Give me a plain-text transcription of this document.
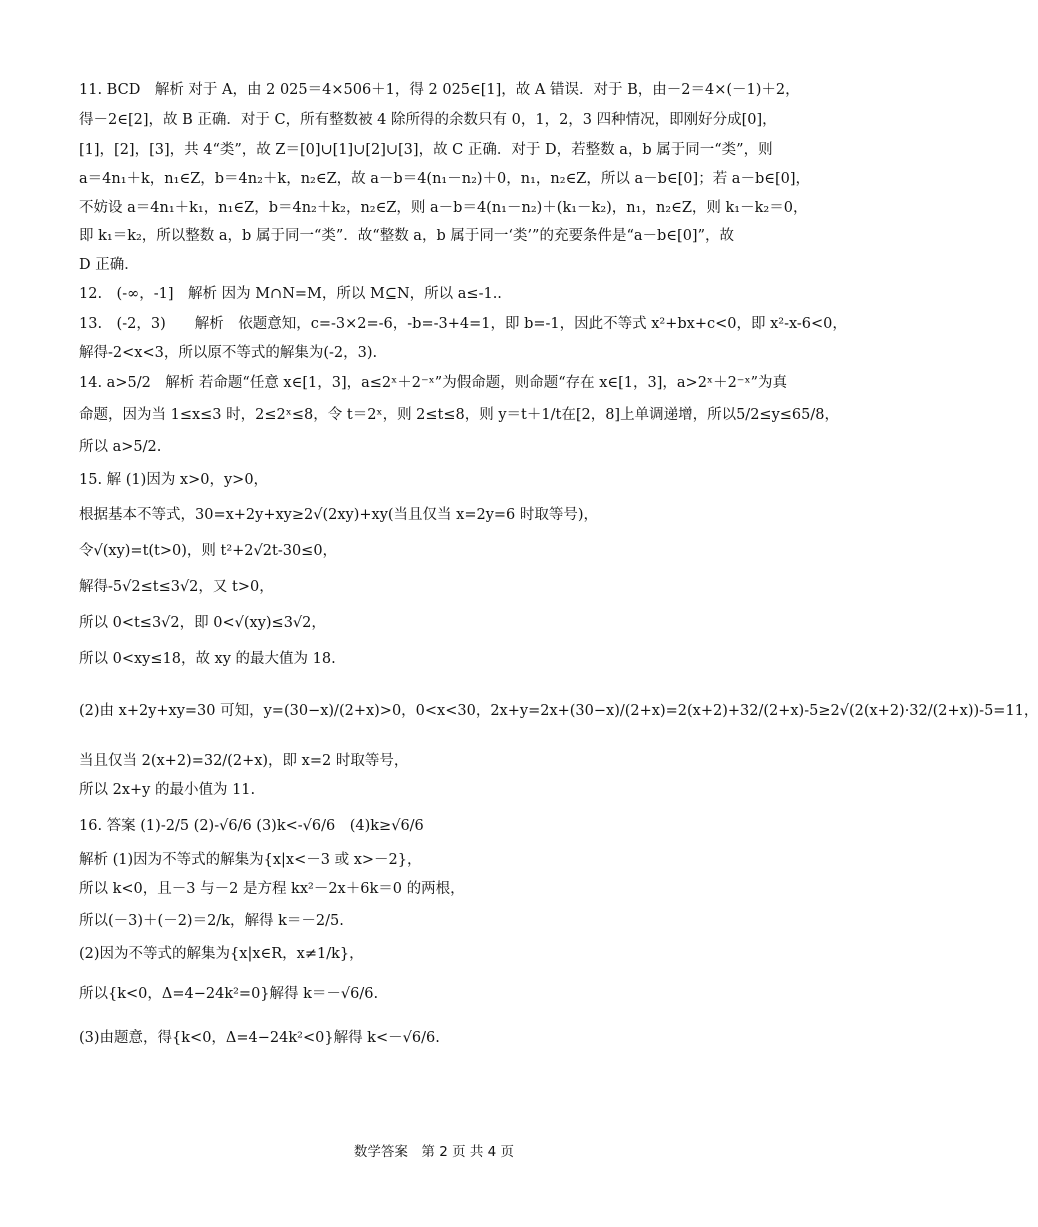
11. BCD　解析 对于 A，由 2 025＝4×506＋1，得 2 025∈[1]，故 A 错误．对于 B，由－2＝4×(－1)＋2，
得－2∈[2]，故 B 正确．对于 C，所有整数被 4 除所得的余数只有 0，1，2，3 四种情况，即刚好分成[0]，
[1]，[2]，[3]，共 4“类”，故 Z＝[0]∪[1]∪[2]∪[3]，故 C 正确．对于 D，若整数 a，b 属于同一“类”，则
a＝4n₁＋k，n₁∈Z，b＝4n₂＋k，n₂∈Z，故 a－b＝4(n₁－n₂)＋0，n₁，n₂∈Z，所以 a－b∈[0]；若 a－b∈[0]，
不妨设 a＝4n₁＋k₁，n₁∈Z，b＝4n₂＋k₂，n₂∈Z，则 a－b＝4(n₁－n₂)＋(k₁－k₂)，n₁，n₂∈Z，则 k₁－k₂＝0，
即 k₁＝k₂，所以整数 a，b 属于同一“类”．故“整数 a，b 属于同一‘类’”的充要条件是“a－b∈[0]”，故
D 正确．
12.　(-∞，-1]　解析 因为 M∩N=M，所以 M⊆N，所以 a≤-1..
13.　(-2，3)　　解析　依题意知，c=-3×2=-6，-b=-3+4=1，即 b=-1，因此不等式 x²+bx+c<0，即 x²-x-6<0，
解得-2<x<3，所以原不等式的解集为(-2，3).
14. a>5/2　解析 若命题“任意 x∈[1，3]，a≤2ˣ＋2⁻ˣ”为假命题，则命题“存在 x∈[1，3]，a>2ˣ＋2⁻ˣ”为真
命题，因为当 1≤x≤3 时，2≤2ˣ≤8，令 t＝2ˣ，则 2≤t≤8，则 y＝t＋1/t在[2，8]上单调递增，所以5/2≤y≤65/8，
所以 a>5/2.
15. 解 (1)因为 x>0，y>0，
根据基本不等式，30=x+2y+xy≥2√(2xy)+xy(当且仅当 x=2y=6 时取等号)，
令√(xy)=t(t>0)，则 t²+2√2t-30≤0，
解得-5√2≤t≤3√2，又 t>0，
所以 0<t≤3√2，即 0<√(xy)≤3√2，
所以 0<xy≤18，故 xy 的最大值为 18.
(2)由 x+2y+xy=30 可知，y=(30−x)/(2+x)>0，0<x<30，2x+y=2x+(30−x)/(2+x)=2(x+2)+32/(2+x)-5≥2√(2(x+2)·32/(2+x))-5=11，
当且仅当 2(x+2)=32/(2+x)，即 x=2 时取等号，
所以 2x+y 的最小值为 11.
16. 答案 (1)-2/5 (2)-√6/6 (3)k<-√6/6　(4)k≥√6/6
解析 (1)因为不等式的解集为{x|x<－3 或 x>－2}，
所以 k<0，且－3 与－2 是方程 kx²－2x＋6k＝0 的两根，
所以(－3)＋(－2)＝2/k，解得 k＝－2/5.
(2)因为不等式的解集为{x|x∈R，x≠1/k}，
所以{k<0，Δ=4−24k²=0}解得 k＝－√6/6.
(3)由题意，得{k<0，Δ=4−24k²<0}解得 k<－√6/6.
数学答案　第 2 页 共 4 页
